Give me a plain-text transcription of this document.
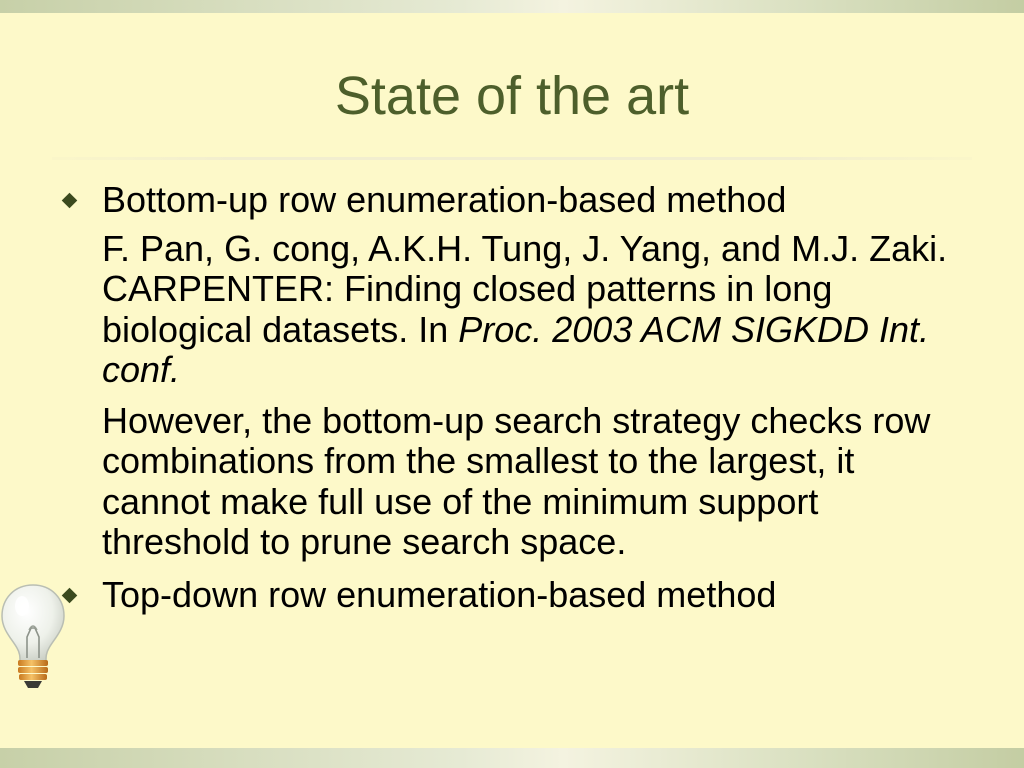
State of the art
Bottom-up row enumeration-based method

F. Pan, G. cong, A.K.H. Tung, J. Yang, and M.J. Zaki. CARPENTER: Finding closed patterns in long biological datasets. In Proc. 2003 ACM SIGKDD Int. conf.

However, the bottom-up search strategy checks row combinations from the smallest to the largest, it cannot make full use of the minimum support threshold to prune search space.

Top-down row enumeration-based method
